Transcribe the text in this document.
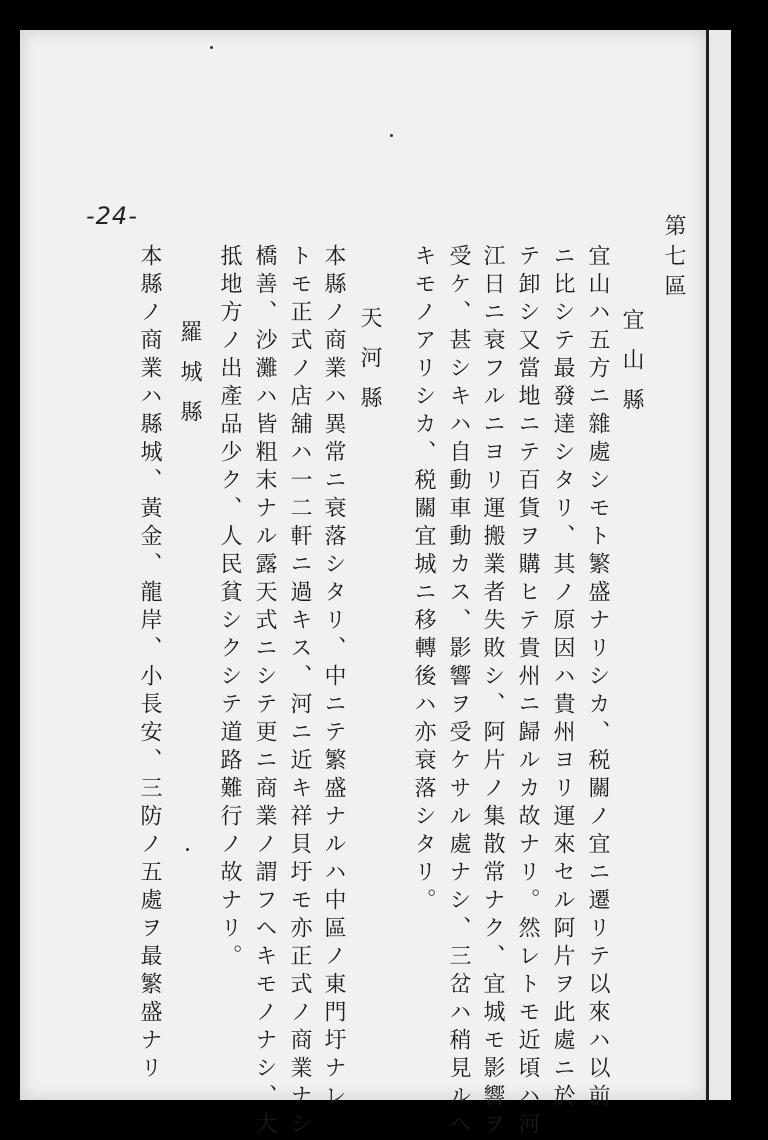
第七區
宜山縣
宜山ハ五方ニ雜處シモト繁盛ナリシカ、税關ノ宜ニ遷リテ以來ハ以前
ニ比シテ最發達シタリ、其ノ原因ハ貴州ヨリ運來セル阿片ヲ此處ニ於
テ卸シ又當地ニテ百貨ヲ購ヒテ貴州ニ歸ルカ故ナリ。然レトモ近頃ハ河
江日ニ衰フルニヨリ運搬業者失敗シ、阿片ノ集散常ナク、宜城モ影響ヲ
受ケ、甚シキハ自動車動カス、影響ヲ受ケサル處ナシ、三岔ハ稍見ルヘ
キモノアリシカ、税關宜城ニ移轉後ハ亦衰落シタリ。
天河縣
本縣ノ商業ハ異常ニ衰落シタリ、中ニテ繁盛ナルハ中區ノ東門圩ナレ
トモ正式ノ店舖ハ一二軒ニ過キス、河ニ近キ祥貝圩モ亦正式ノ商業ナシ
橋善、沙灘ハ皆粗末ナル露天式ニシテ更ニ商業ノ謂フヘキモノナシ、大
抵地方ノ出產品少ク、人民貧シクシテ道路難行ノ故ナリ。
羅城縣
本縣ノ商業ハ縣城、黃金、龍岸、小長安、三防ノ五處ヲ最繁盛ナリ
-24-
